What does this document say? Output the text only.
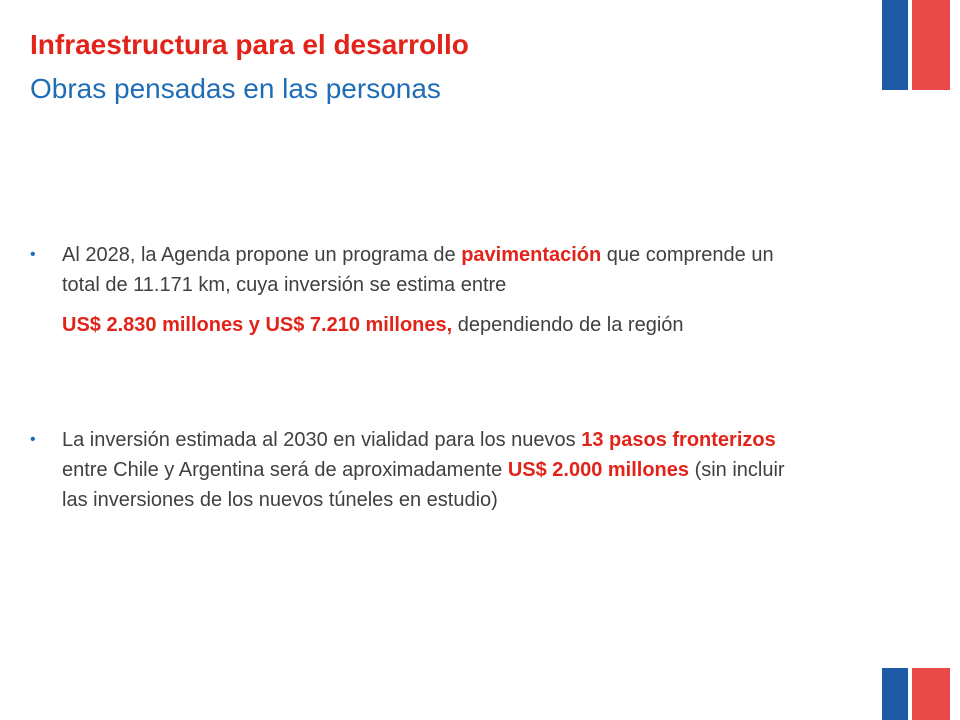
Infraestructura para el desarrollo
Obras pensadas en las personas
• Al 2028, la Agenda propone un programa de pavimentación que comprende un total de 11.171 km, cuya inversión se estima entre
US$ 2.830 millones y US$ 7.210 millones, dependiendo de la región
• La inversión estimada al 2030 en vialidad para los nuevos 13 pasos fronterizos entre Chile y Argentina será de aproximadamente US$ 2.000 millones (sin incluir las inversiones de los nuevos túneles en estudio)
